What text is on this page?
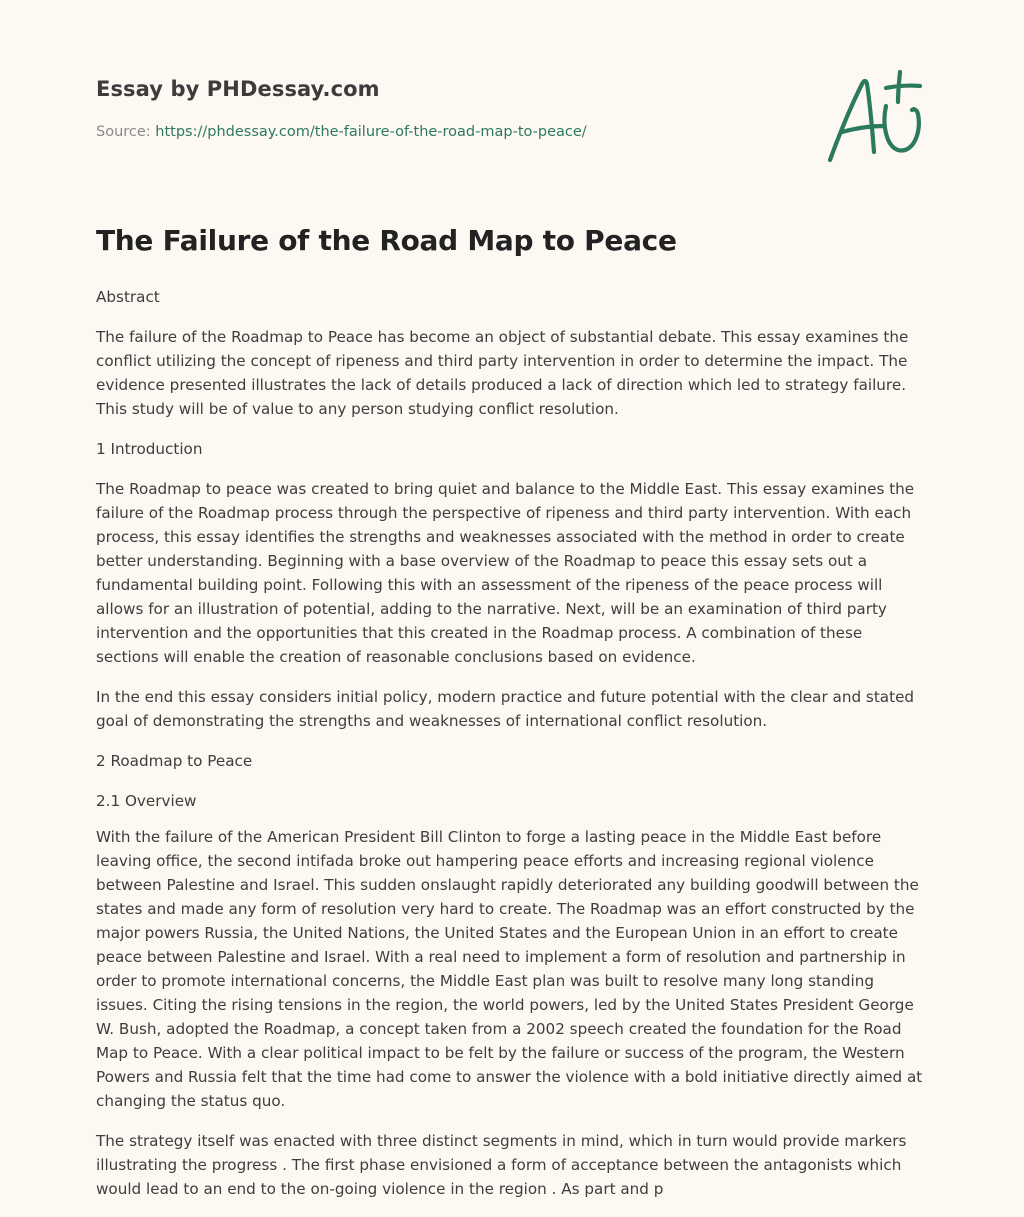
Essay by PHDessay.com
Source: https://phdessay.com/the-failure-of-the-road-map-to-peace/
The Failure of the Road Map to Peace

Abstract

The failure of the Roadmap to Peace has become an object of substantial debate. This essay examines the conflict utilizing the concept of ripeness and third party intervention in order to determine the impact. The evidence presented illustrates the lack of details produced a lack of direction which led to strategy failure. This study will be of value to any person studying conflict resolution.

1 Introduction

The Roadmap to peace was created to bring quiet and balance to the Middle East. This essay examines the failure of the Roadmap process through the perspective of ripeness and third party intervention. With each process, this essay identifies the strengths and weaknesses associated with the method in order to create better understanding. Beginning with a base overview of the Roadmap to peace this essay sets out a fundamental building point. Following this with an assessment of the ripeness of the peace process will allows for an illustration of potential, adding to the narrative. Next, will be an examination of third party intervention and the opportunities that this created in the Roadmap process. A combination of these sections will enable the creation of reasonable conclusions based on evidence.

In the end this essay considers initial policy, modern practice and future potential with the clear and stated goal of demonstrating the strengths and weaknesses of international conflict resolution.

2 Roadmap to Peace

2.1 Overview

With the failure of the American President Bill Clinton to forge a lasting peace in the Middle East before leaving office, the second intifada broke out hampering peace efforts and increasing regional violence between Palestine and Israel. This sudden onslaught rapidly deteriorated any building goodwill between the states and made any form of resolution very hard to create. The Roadmap was an effort constructed by the major powers Russia, the United Nations, the United States and the European Union in an effort to create peace between Palestine and Israel. With a real need to implement a form of resolution and partnership in order to promote international concerns, the Middle East plan was built to resolve many long standing issues. Citing the rising tensions in the region, the world powers, led by the United States President George W. Bush, adopted the Roadmap, a concept taken from a 2002 speech created the foundation for the Road Map to Peace. With a clear political impact to be felt by the failure or success of the program, the Western Powers and Russia felt that the time had come to answer the violence with a bold initiative directly aimed at changing the status quo.

The strategy itself was enacted with three distinct segments in mind, which in turn would provide markers illustrating the progress . The first phase envisioned a form of acceptance between the antagonists which would lead to an end to the on-going violence in the region . As part and p
